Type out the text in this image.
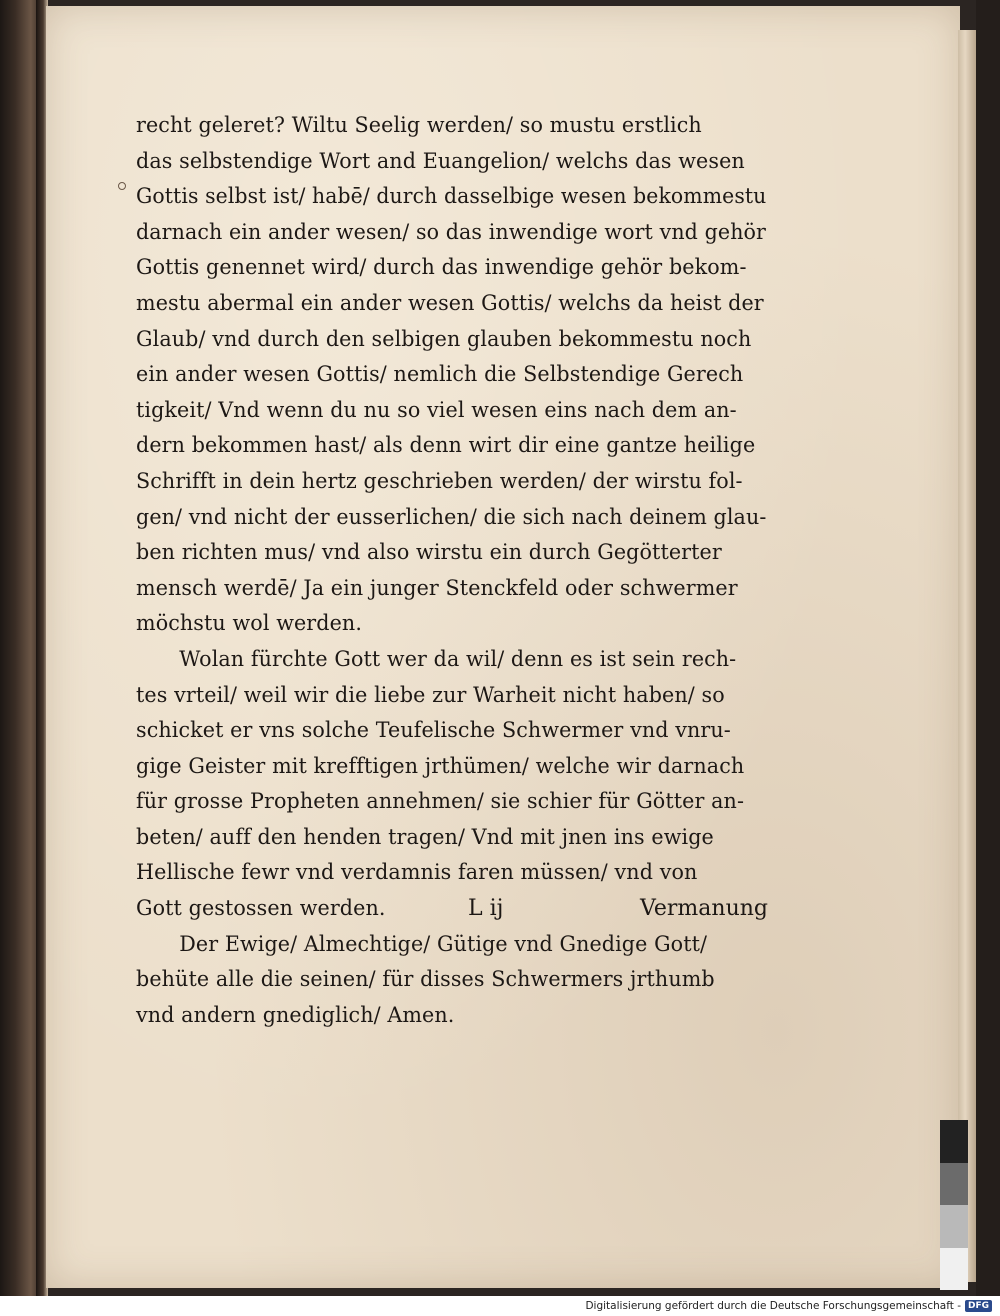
recht geleret? Wiltu Seelig werden/ so mustu erstlich
das selbstendige Wort and Euangelion/ welchs das wesen
Gottis selbst ist/ habē/ durch dasselbige wesen bekommestu
darnach ein ander wesen/ so das inwendige wort vnd gehör
Gottis genennet wird/ durch das inwendige gehör bekom-
mestu abermal ein ander wesen Gottis/ welchs da heist der
Glaub/ vnd durch den selbigen glauben bekommestu noch
ein ander wesen Gottis/ nemlich die Selbstendige Gerech
tigkeit/ Vnd wenn du nu so viel wesen eins nach dem an-
dern bekommen hast/ als denn wirt dir eine gantze heilige
Schrifft in dein hertz geschrieben werden/ der wirstu fol-
gen/ vnd nicht der eusserlichen/ die sich nach deinem glau-
ben richten mus/ vnd also wirstu ein durch Gegötterter
mensch werdē/ Ja ein junger Stenckfeld oder schwermer
möchstu wol werden.
Wolan fürchte Gott wer da wil/ denn es ist sein rech-
tes vrteil/ weil wir die liebe zur Warheit nicht haben/ so
schicket er vns solche Teufelische Schwermer vnd vnru-
gige Geister mit krefftigen jrthümen/ welche wir darnach
für grosse Propheten annehmen/ sie schier für Götter an-
beten/ auff den henden tragen/ Vnd mit jnen ins ewige
Hellische fewr vnd verdamnis faren müssen/ vnd von
Gott gestossen werden.
Der Ewige/ Almechtige/ Gütige vnd Gnedige Gott/
behüte alle die seinen/ für disses Schwermers jrthumb
vnd andern gnediglich/ Amen.
L ij	Vermanung
Digitalisierung gefördert durch die Deutsche Forschungsgemeinschaft - DFG
